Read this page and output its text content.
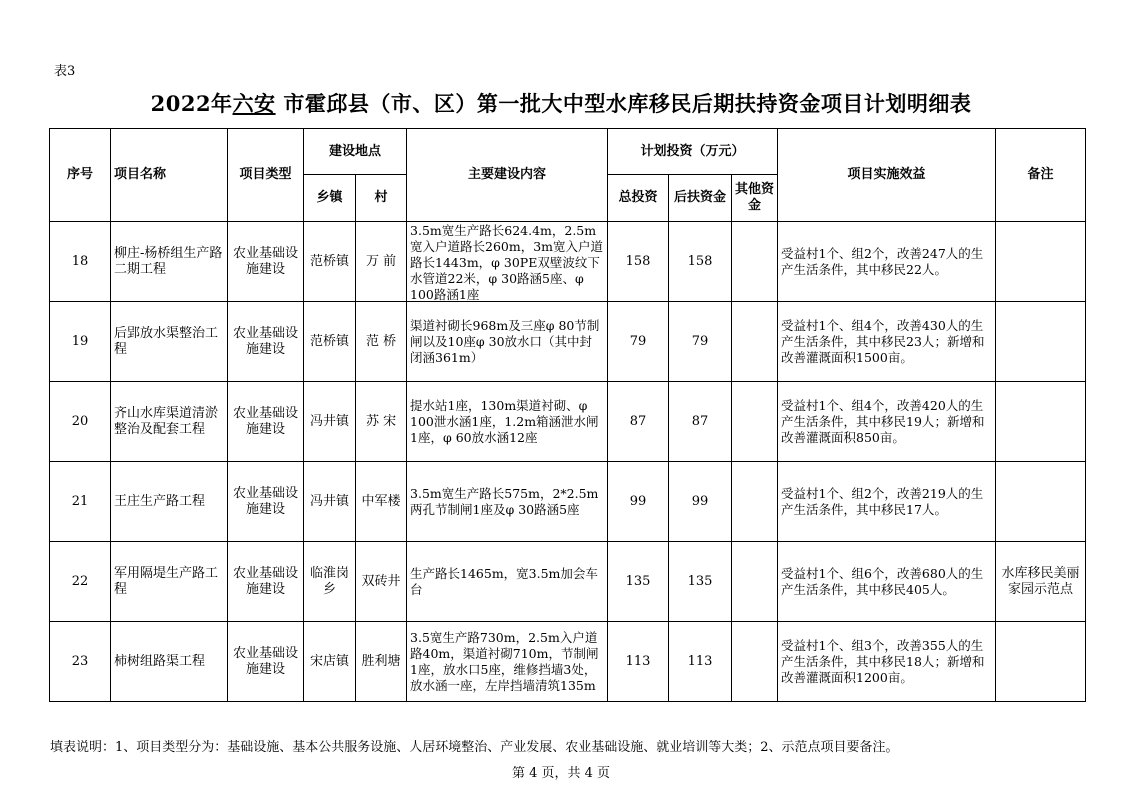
表3
2022年六安 市霍邱县（市、区）第一批大中型水库移民后期扶持资金项目计划明细表
序号	项目名称	项目类型	建设地点		主要建设内容	计划投资（万元）			项目实施效益	备注
			乡镇	村		总投资	后扶资金	其他资金		
18	柳庄-杨桥组生产路二期工程	农业基础设施建设	范桥镇	万 前	3.5m宽生产路长624.4m，2.5m宽入户道路长260m，3m宽入户道路长1443m，φ 30PE双壁波纹下水管道22米，φ 30路涵5座、φ 100路涵1座	158	158		受益村1个、组2个，改善247人的生产生活条件，其中移民22人。	
19	后郢放水渠整治工程	农业基础设施建设	范桥镇	范 桥	渠道衬砌长968m及三座φ 80节制闸以及10座φ 30放水口（其中封闭涵361m）	79	79		受益村1个、组4个，改善430人的生产生活条件，其中移民23人；新增和改善灌溉面积1500亩。	
20	齐山水库渠道清淤整治及配套工程	农业基础设施建设	冯井镇	苏 宋	提水站1座，130m渠道衬砌、φ 100泄水涵1座，1.2m箱涵泄水闸1座，φ 60放水涵12座	87	87		受益村1个、组4个，改善420人的生产生活条件，其中移民19人；新增和改善灌溉面积850亩。	
21	王庄生产路工程	农业基础设施建设	冯井镇	中军楼	3.5m宽生产路长575m，2*2.5m两孔节制闸1座及φ 30路涵5座	99	99		受益村1个、组2个，改善219人的生产生活条件，其中移民17人。	
22	军用隔堤生产路工程	农业基础设施建设	临淮岗乡	双砖井	生产路长1465m，宽3.5m加会车台	135	135		受益村1个、组6个，改善680人的生产生活条件，其中移民405人。	水库移民美丽家园示范点
23	柿树组路渠工程	农业基础设施建设	宋店镇	胜利塘	3.5宽生产路730m，2.5m入户道路40m，渠道衬砌710m，节制闸1座，放水口5座，维修挡墙3处，放水涵一座，左岸挡墙清筑135m	113	113		受益村1个、组3个，改善355人的生产生活条件，其中移民18人；新增和改善灌溉面积1200亩。	
填表说明：1、项目类型分为：基础设施、基本公共服务设施、人居环境整治、产业发展、农业基础设施、就业培训等大类；2、示范点项目要备注。
第 4 页，共 4 页
